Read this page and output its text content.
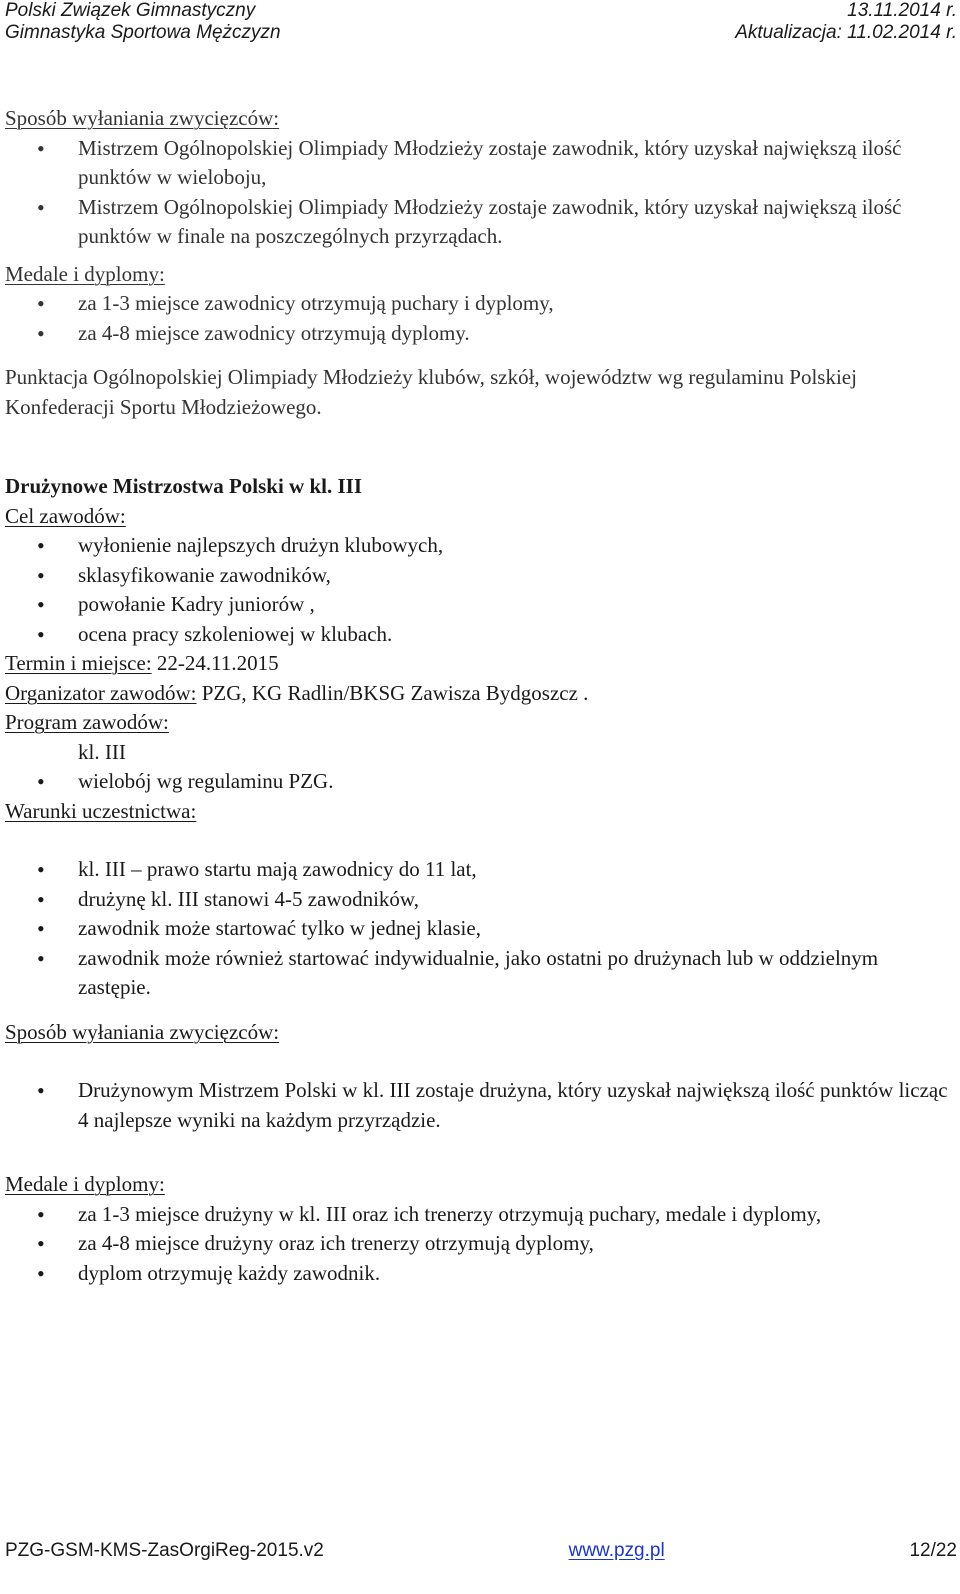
Polski Związek Gimnastyczny	13.11.2014 r.
Gimnastyka Sportowa Mężczyzn	Aktualizacja: 11.02.2014 r.
Sposób wyłaniania zwycięzców:
• Mistrzem Ogólnopolskiej Olimpiady Młodzieży zostaje zawodnik, który uzyskał największą ilość punktów w wieloboju,
• Mistrzem Ogólnopolskiej Olimpiady Młodzieży zostaje zawodnik, który uzyskał największą ilość punktów w finale na poszczególnych przyrządach.
Medale i dyplomy:
• za 1-3 miejsce zawodnicy otrzymują puchary i dyplomy,
• za 4-8 miejsce zawodnicy otrzymują dyplomy.
Punktacja Ogólnopolskiej Olimpiady Młodzieży klubów, szkół, województw wg regulaminu Polskiej Konfederacji Sportu Młodzieżowego.
Drużynowe Mistrzostwa Polski w kl. III
Cel zawodów:
• wyłonienie najlepszych drużyn klubowych,
• sklasyfikowanie zawodników,
• powołanie Kadry juniorów ,
• ocena pracy szkoleniowej w klubach.
Termin i miejsce: 22-24.11.2015
Organizator zawodów: PZG, KG Radlin/BKSG Zawisza Bydgoszcz .
Program zawodów:
kl. III
• wielobój wg regulaminu PZG.
Warunki uczestnictwa:
• kl. III – prawo startu mają zawodnicy do 11 lat,
• drużynę kl. III stanowi 4-5 zawodników,
• zawodnik może startować tylko w jednej klasie,
• zawodnik może również startować indywidualnie, jako ostatni po drużynach lub w oddzielnym zastępie.
Sposób wyłaniania zwycięzców:
• Drużynowym Mistrzem Polski w kl. III zostaje drużyna, który uzyskał największą ilość punktów licząc 4 najlepsze wyniki na każdym przyrządzie.
Medale i dyplomy:
• za 1-3 miejsce drużyny w kl. III oraz ich trenerzy otrzymują puchary, medale i dyplomy,
• za 4-8 miejsce drużyny oraz ich trenerzy otrzymują dyplomy,
• dyplom otrzymuję każdy zawodnik.
PZG-GSM-KMS-ZasOrgiReg-2015.v2	www.pzg.pl	12/22
